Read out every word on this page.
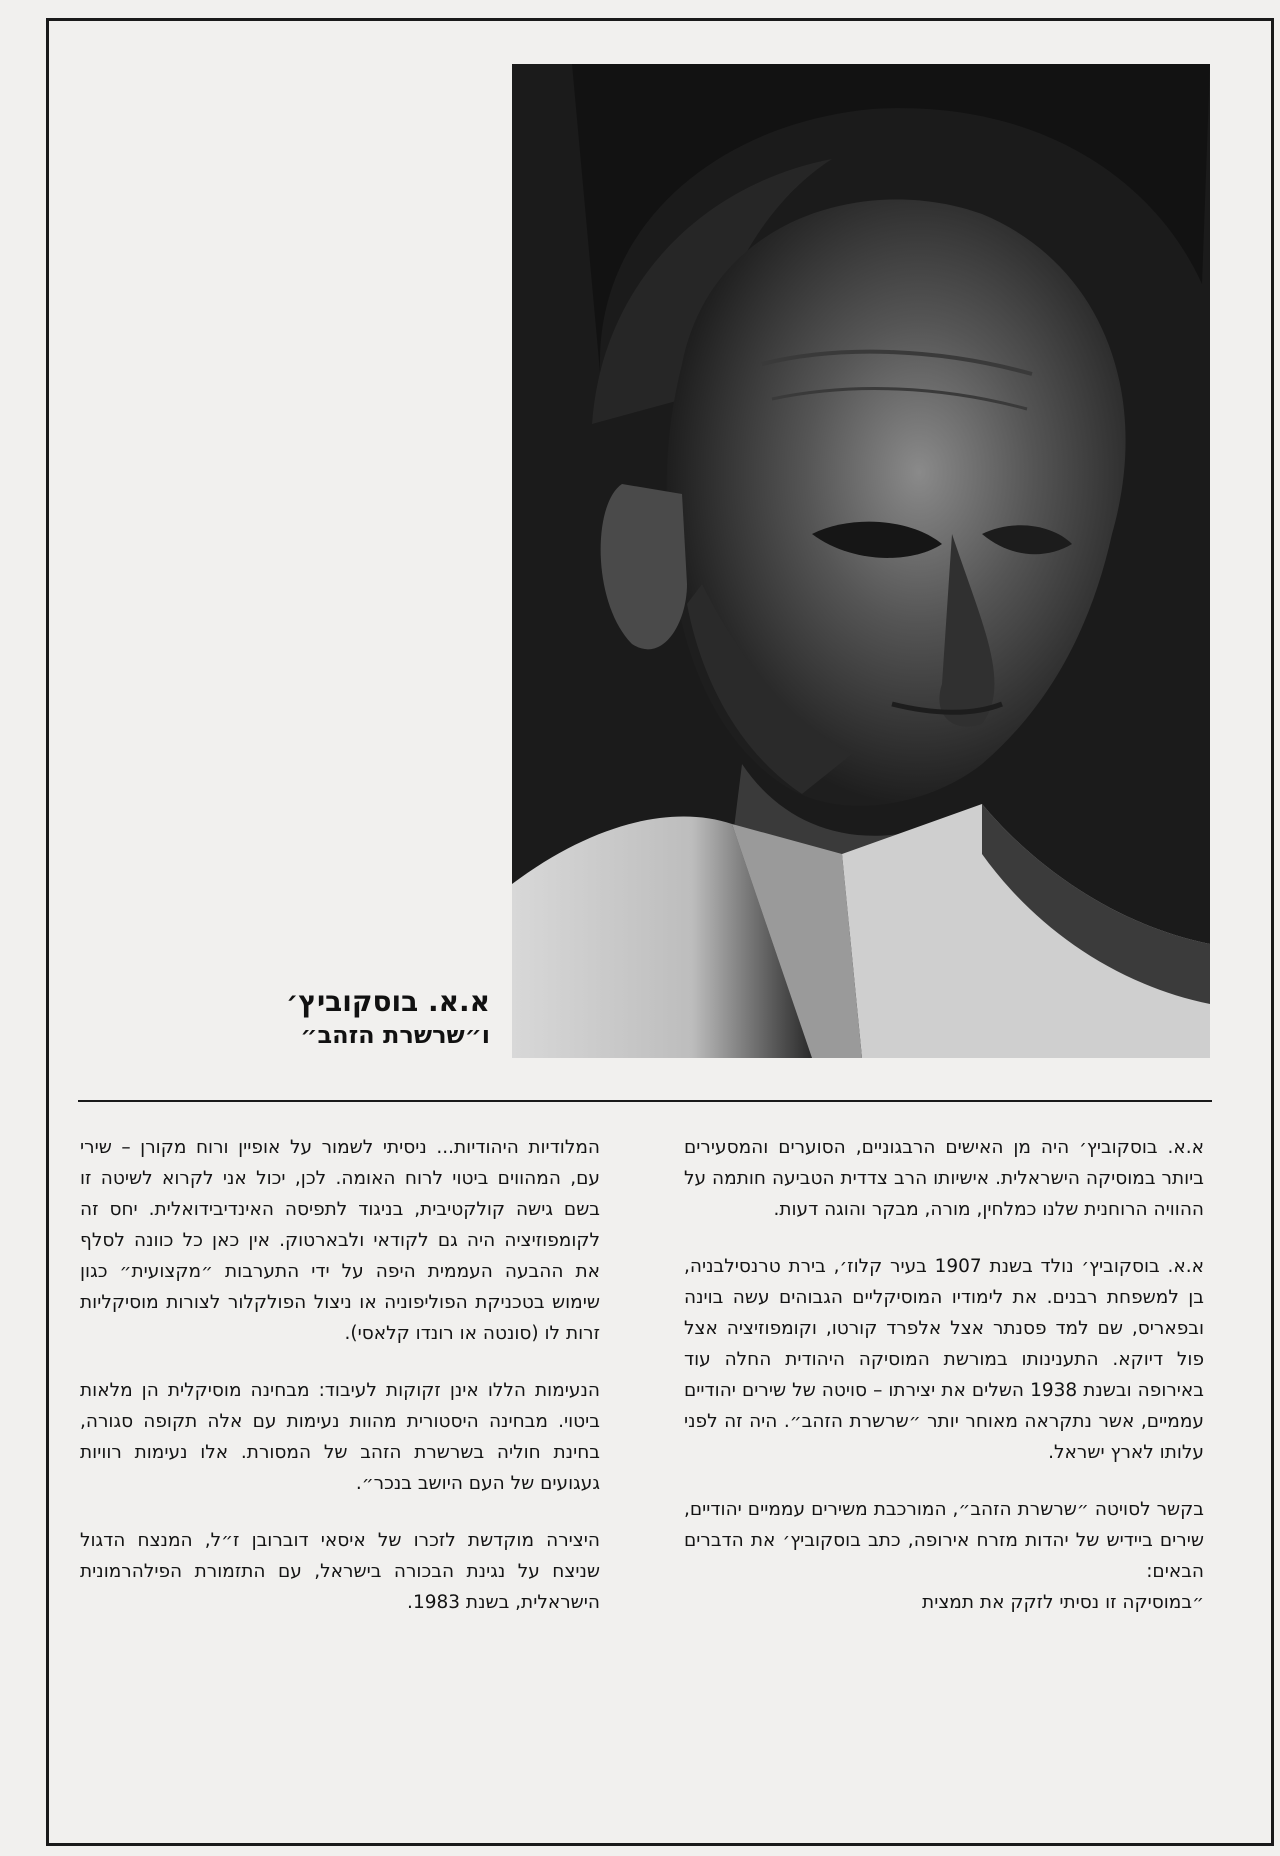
א.א. בוסקוביץ׳
ו״שרשרת הזהב״

א.א. בוסקוביץ׳ היה מן האישים הרבגוניים, הסוערים והמסעירים ביותר במוסיקה הישראלית. אישיותו הרב צדדית הטביעה חותמה על ההוויה הרוחנית שלנו כמלחין, מורה, מבקר והוגה דעות.

א.א. בוסקוביץ׳ נולד בשנת 1907 בעיר קלוז׳, בירת טרנסילבניה, בן למשפחת רבנים. את לימודיו המוסיקליים הגבוהים עשה בוינה ובפאריס, שם למד פסנתר אצל אלפרד קורטו, וקומפוזיציה אצל פול דיוקא. התענינותו במורשת המוסיקה היהודית החלה עוד באירופה ובשנת 1938 השלים את יצירתו – סויטה של שירים יהודיים עממיים, אשר נתקראה מאוחר יותר ״שרשרת הזהב״. היה זה לפני עלותו לארץ ישראל.

בקשר לסויטה ״שרשרת הזהב״, המורכבת משירים עממיים יהודיים, שירים ביידיש של יהדות מזרח אירופה, כתב בוסקוביץ׳ את הדברים הבאים:

״במוסיקה זו נסיתי לזקק את תמצית

המלודיות היהודיות... ניסיתי לשמור על אופיין ורוח מקורן – שירי עם, המהווים ביטוי לרוח האומה. לכן, יכול אני לקרוא לשיטה זו בשם גישה קולקטיבית, בניגוד לתפיסה האינדיבידואלית. יחס זה לקומפוזיציה היה גם לקודאי ולבארטוק. אין כאן כל כוונה לסלף את ההבעה העממית היפה על ידי התערבות ״מקצועית״ כגון שימוש בטכניקת הפוליפוניה או ניצול הפולקלור לצורות מוסיקליות זרות לו (סונטה או רונדו קלאסי).

הנעימות הללו אינן זקוקות לעיבוד: מבחינה מוסיקלית הן מלאות ביטוי. מבחינה היסטורית מהוות נעימות עם אלה תקופה סגורה, בחינת חוליה בשרשרת הזהב של המסורת. אלו נעימות רוויות געגועים של העם היושב בנכר״.

היצירה מוקדשת לזכרו של איסאי דוברובן ז״ל, המנצח הדגול שניצח על נגינת הבכורה בישראל, עם התזמורת הפילהרמונית הישראלית, בשנת 1983.
